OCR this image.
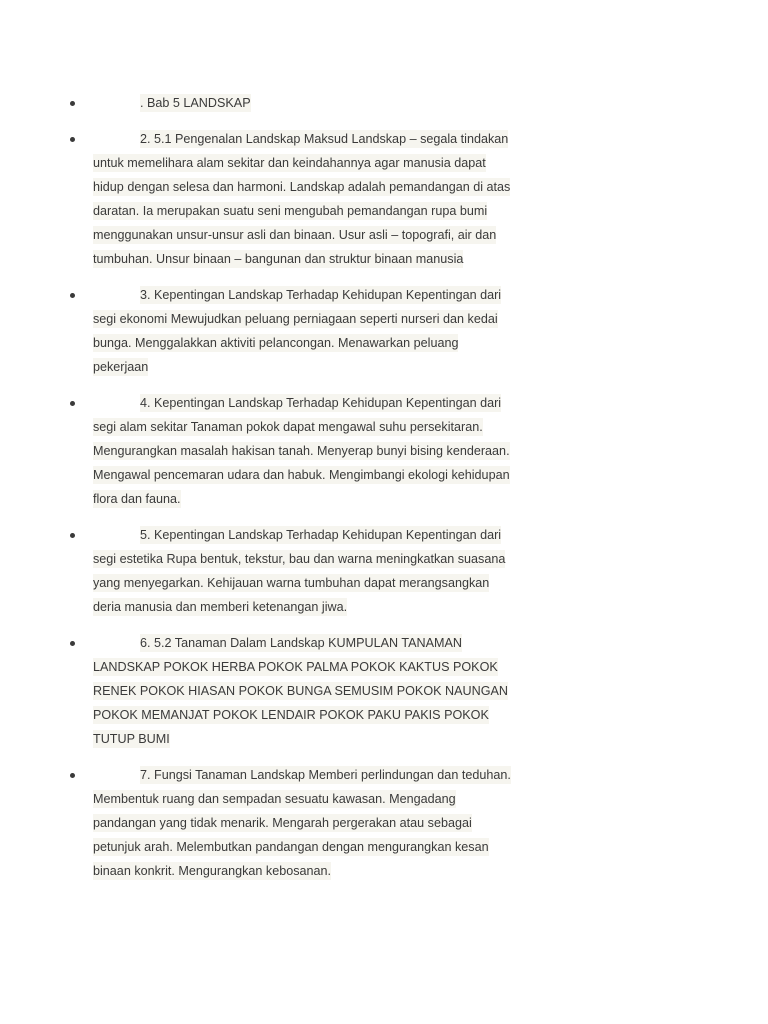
. Bab 5 LANDSKAP
2. 5.1 Pengenalan Landskap Maksud Landskap – segala tindakan untuk memelihara alam sekitar dan keindahannya agar manusia dapat hidup dengan selesa dan harmoni. Landskap adalah pemandangan di atas daratan. Ia merupakan suatu seni mengubah pemandangan rupa bumi menggunakan unsur-unsur asli dan binaan. Usur asli – topografi, air dan tumbuhan. Unsur binaan – bangunan dan struktur binaan manusia
3. Kepentingan Landskap Terhadap Kehidupan Kepentingan dari segi ekonomi Mewujudkan peluang perniagaan seperti nurseri dan kedai bunga. Menggalakkan aktiviti pelancongan. Menawarkan peluang pekerjaan
4. Kepentingan Landskap Terhadap Kehidupan Kepentingan dari segi alam sekitar Tanaman pokok dapat mengawal suhu persekitaran. Mengurangkan masalah hakisan tanah. Menyerap bunyi bising kenderaan. Mengawal pencemaran udara dan habuk. Mengimbangi ekologi kehidupan flora dan fauna.
5. Kepentingan Landskap Terhadap Kehidupan Kepentingan dari segi estetika Rupa bentuk, tekstur, bau dan warna meningkatkan suasana yang menyegarkan. Kehijauan warna tumbuhan dapat merangsangkan deria manusia dan memberi ketenangan jiwa.
6. 5.2 Tanaman Dalam Landskap KUMPULAN TANAMAN LANDSKAP POKOK HERBA POKOK PALMA POKOK KAKTUS POKOK RENEK POKOK HIASAN POKOK BUNGA SEMUSIM POKOK NAUNGAN POKOK MEMANJAT POKOK LENDAIR POKOK PAKU PAKIS POKOK TUTUP BUMI
7. Fungsi Tanaman Landskap Memberi perlindungan dan teduhan. Membentuk ruang dan sempadan sesuatu kawasan. Mengadang pandangan yang tidak menarik. Mengarah pergerakan atau sebagai petunjuk arah. Melembutkan pandangan dengan mengurangkan kesan binaan konkrit. Mengurangkan kebosanan.
